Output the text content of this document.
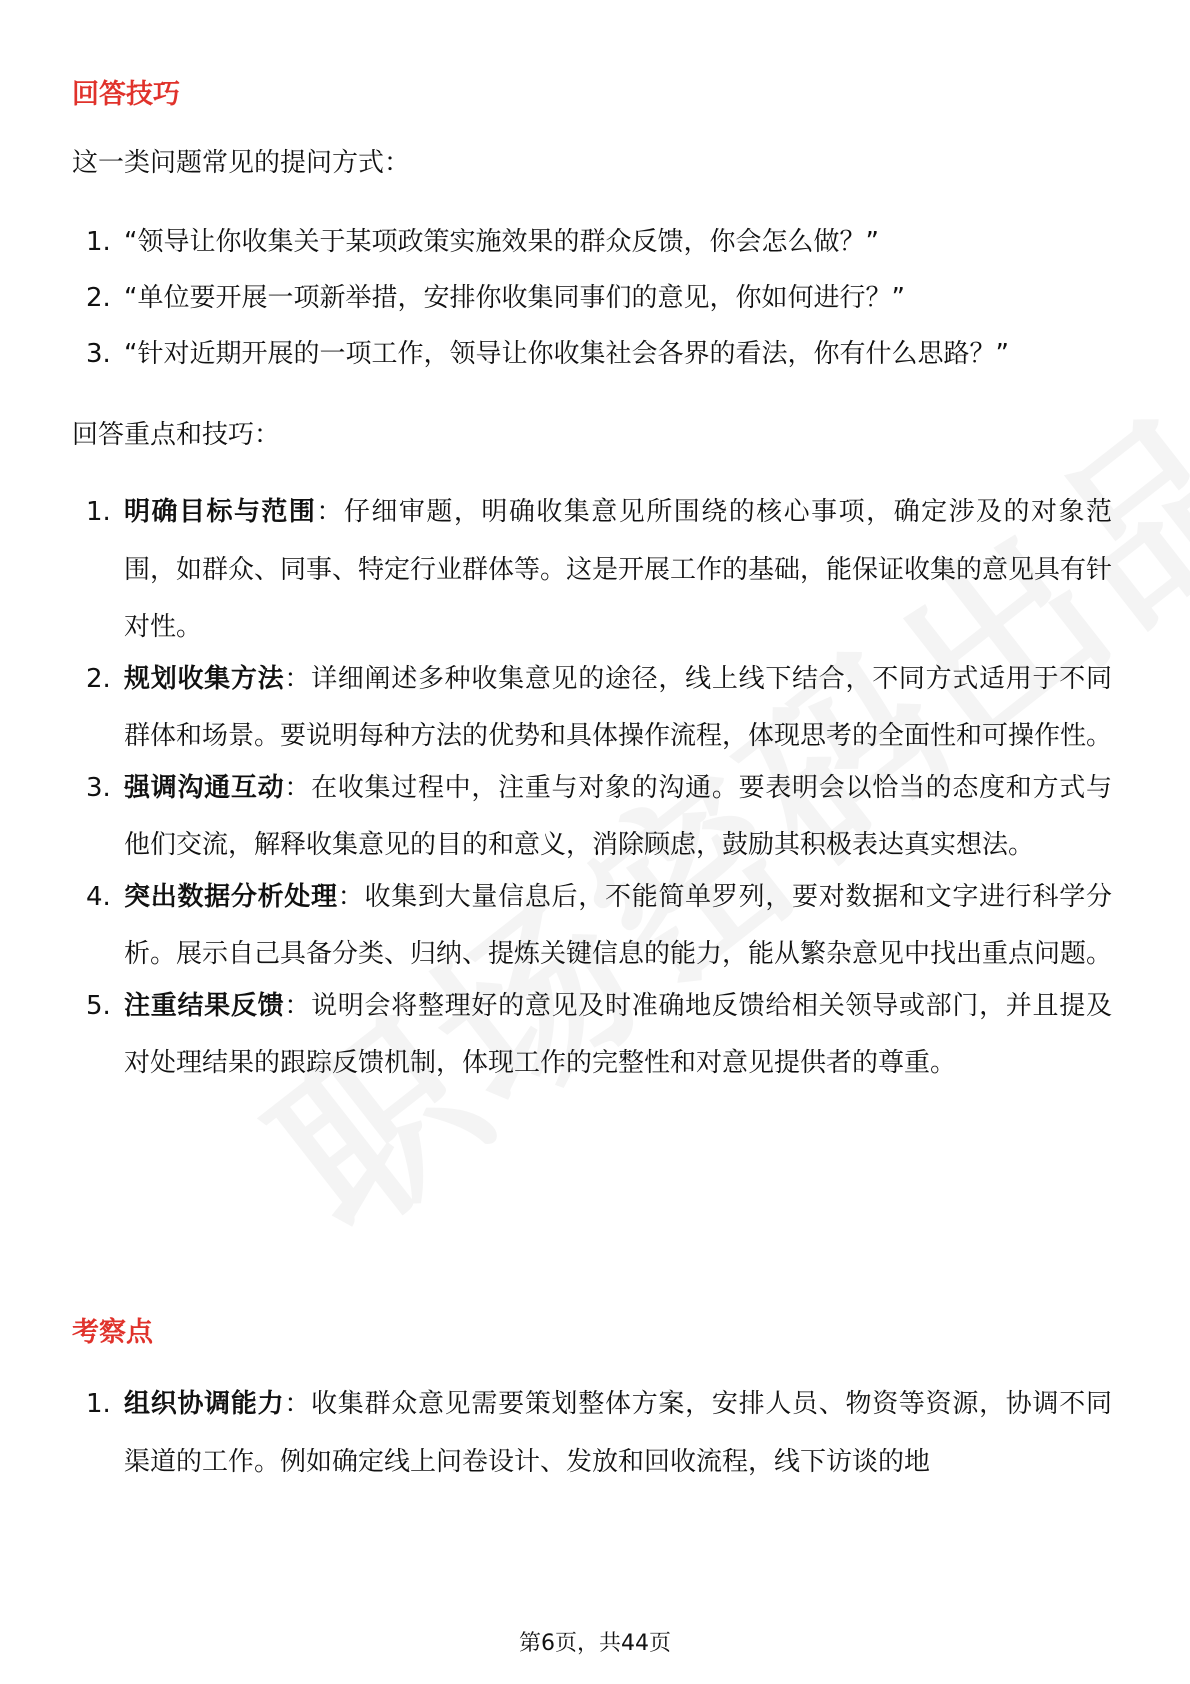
回答技巧

这一类问题常见的提问方式：

1. “领导让你收集关于某项政策实施效果的群众反馈，你会怎么做？”
2. “单位要开展一项新举措，安排你收集同事们的意见，你如何进行？”
3. “针对近期开展的一项工作，领导让你收集社会各界的看法，你有什么思路？”

回答重点和技巧：

1. 明确目标与范围：仔细审题，明确收集意见所围绕的核心事项，确定涉及的对象范围，如群众、同事、特定行业群体等。这是开展工作的基础，能保证收集的意见具有针对性。
2. 规划收集方法：详细阐述多种收集意见的途径，线上线下结合，不同方式适用于不同群体和场景。要说明每种方法的优势和具体操作流程，体现思考的全面性和可操作性。
3. 强调沟通互动：在收集过程中，注重与对象的沟通。要表明会以恰当的态度和方式与他们交流，解释收集意见的目的和意义，消除顾虑，鼓励其积极表达真实想法。
4. 突出数据分析处理：收集到大量信息后，不能简单罗列，要对数据和文字进行科学分析。展示自己具备分类、归纳、提炼关键信息的能力，能从繁杂意见中找出重点问题。
5. 注重结果反馈：说明会将整理好的意见及时准确地反馈给相关领导或部门，并且提及对处理结果的跟踪反馈机制，体现工作的完整性和对意见提供者的尊重。
考察点
1. 组织协调能力：收集群众意见需要策划整体方案，安排人员、物资等资源，协调不同渠道的工作。例如确定线上问卷设计、发放和回收流程，线下访谈的地
第6页，共44页
